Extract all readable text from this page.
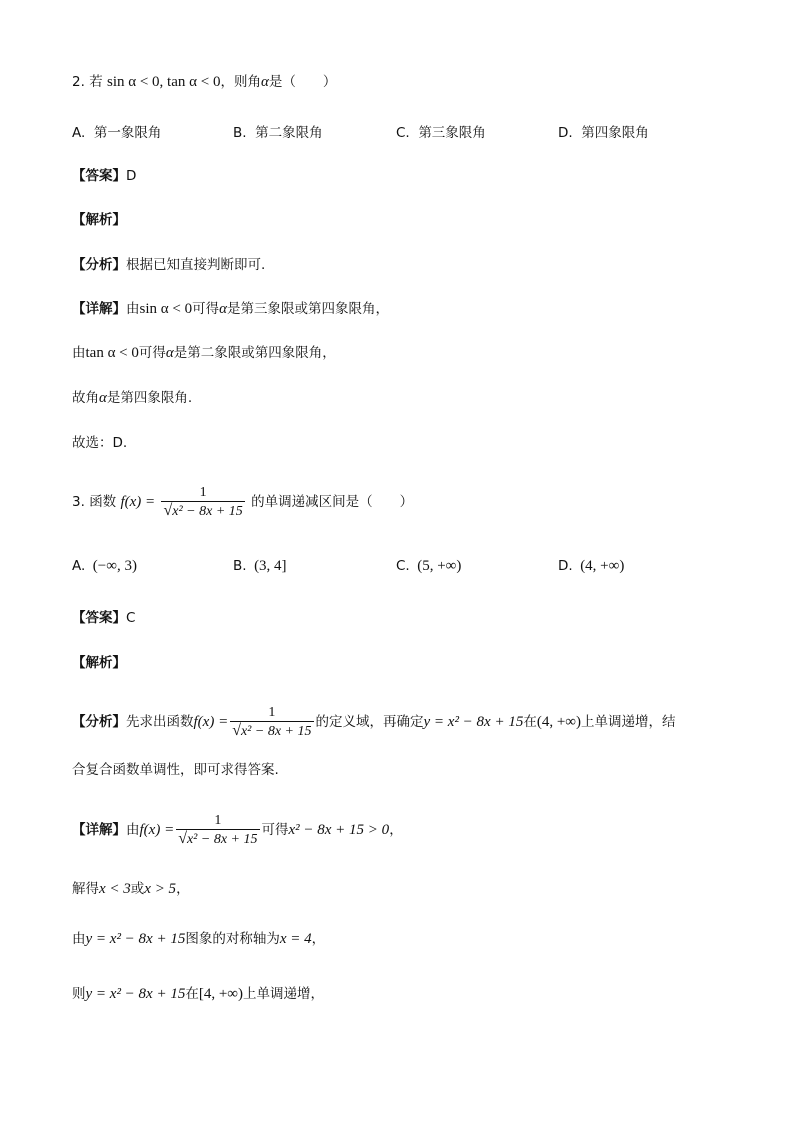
2. 若 sin α < 0, tan α < 0，则角α是（　　）
A. 第一象限角	B. 第二象限角	C. 第三象限角	D. 第四象限角
【答案】D
【解析】
【分析】根据已知直接判断即可.
【详解】由sin α < 0可得α是第三象限或第四象限角，
由tan α < 0可得α是第二象限或第四象限角，
故角α是第四象限角.
故选：D.
3. 函数 $f(x) = \frac{1}{\text{√x² − 8x + 15}}$ 的单调递减区间是（　　）
A. (−∞, 3)	B. (3, 4]	C. (5, +∞)	D. (4, +∞)
【答案】C
【解析】
【分析】先求出函数$f(x) = \frac{1}{\text{√x² − 8x + 15}}$ 的定义域，再确定y = x² − 8x + 15在(4, +∞)上单调递增，结
合复合函数单调性，即可求得答案.
【详解】由$f(x) = \frac{1}{\text{√x² − 8x + 15}}$ 可得x² − 8x + 15 > 0，
解得x < 3或x > 5，
由y = x² − 8x + 15图象的对称轴为x = 4，
则y = x² − 8x + 15在[4, +∞)上单调递增，
